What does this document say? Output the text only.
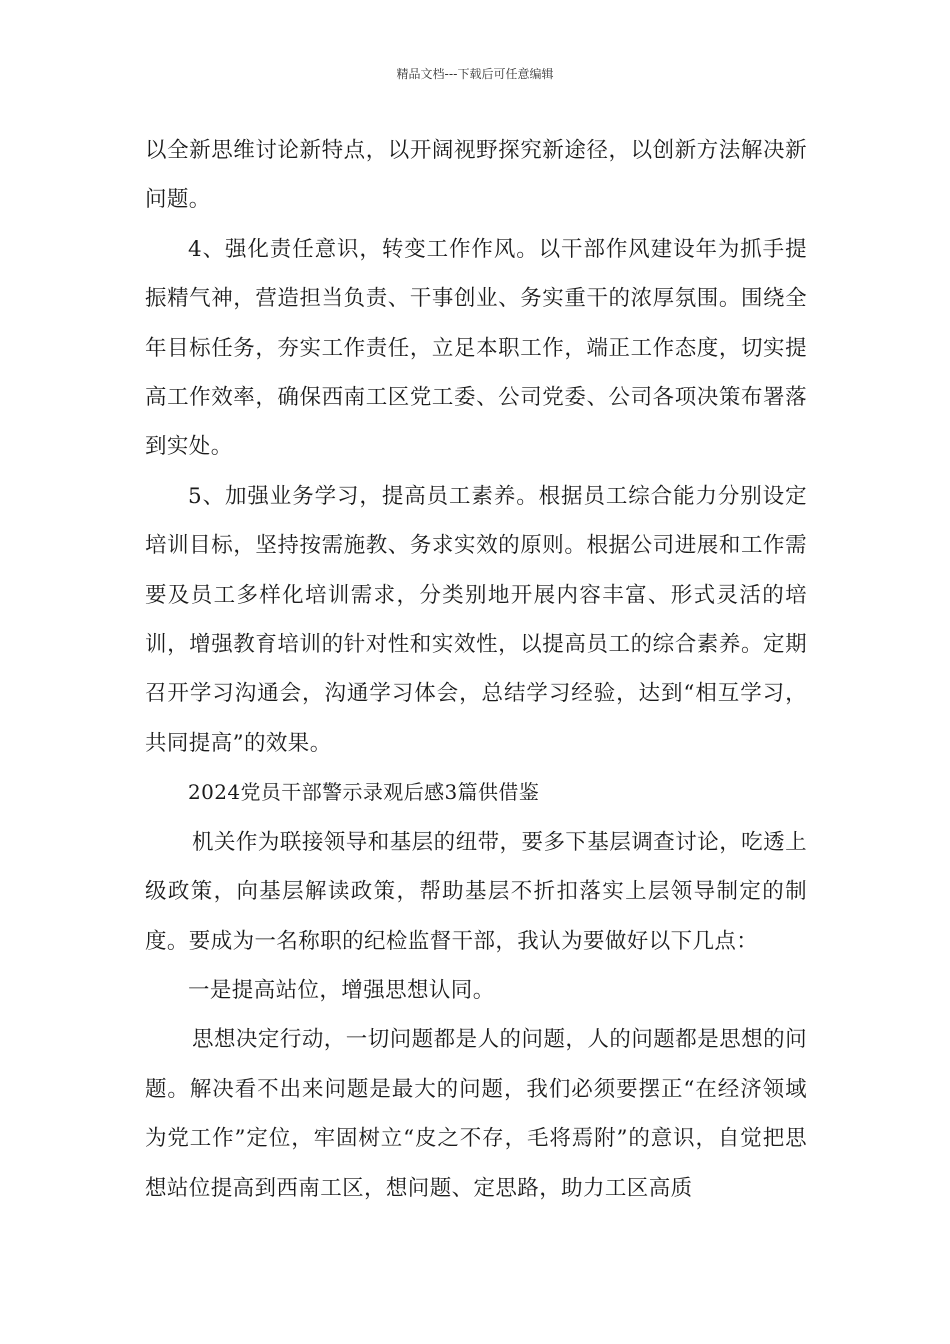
精品文档---下载后可任意编辑

以全新思维讨论新特点，以开阔视野探究新途径，以创新方法解决新问题。

4、强化责任意识，转变工作作风。以干部作风建设年为抓手提振精气神，营造担当负责、干事创业、务实重干的浓厚氛围。围绕全年目标任务，夯实工作责任，立足本职工作，端正工作态度，切实提高工作效率，确保西南工区党工委、公司党委、公司各项决策布署落到实处。

5、加强业务学习，提高员工素养。根据员工综合能力分别设定培训目标，坚持按需施教、务求实效的原则。根据公司进展和工作需要及员工多样化培训需求，分类别地开展内容丰富、形式灵活的培训，增强教育培训的针对性和实效性，以提高员工的综合素养。定期召开学习沟通会，沟通学习体会，总结学习经验，达到“相互学习，共同提高”的效果。

2024党员干部警示录观后感3篇供借鉴

机关作为联接领导和基层的纽带，要多下基层调查讨论，吃透上级政策，向基层解读政策，帮助基层不折扣落实上层领导制定的制度。要成为一名称职的纪检监督干部，我认为要做好以下几点：

一是提高站位，增强思想认同。

思想决定行动，一切问题都是人的问题，人的问题都是思想的问题。解决看不出来问题是最大的问题，我们必须要摆正“在经济领域为党工作”定位，牢固树立“皮之不存，毛将焉附”的意识，自觉把思想站位提高到西南工区，想问题、定思路，助力工区高质
